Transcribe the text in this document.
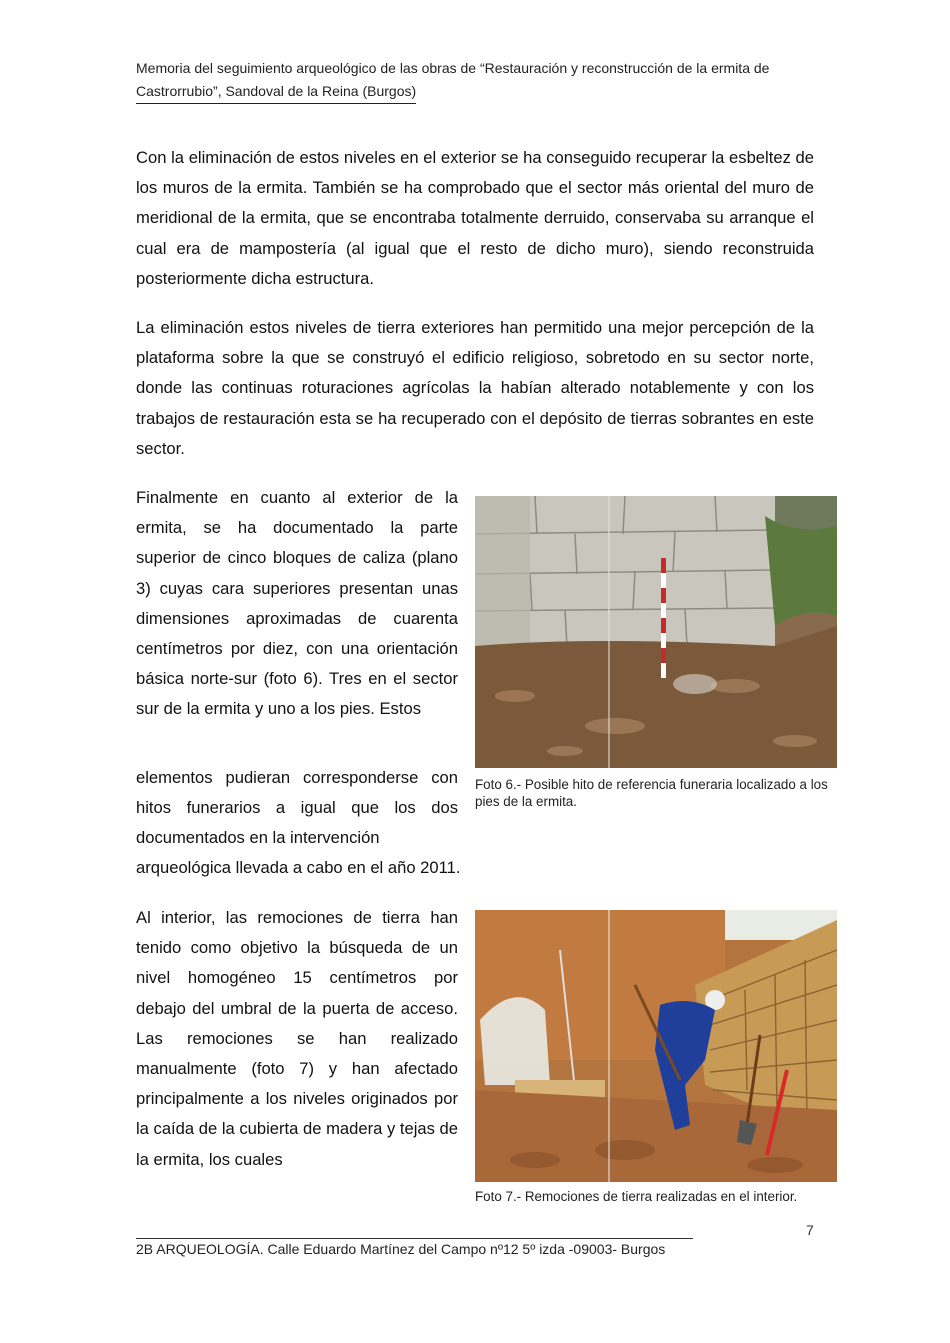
Memoria del seguimiento arqueológico de las obras de “Restauración y reconstrucción de la ermita de
Castrorrubio”, Sandoval de la Reina (Burgos)

Con la eliminación de estos niveles en el exterior se ha conseguido recuperar la esbeltez de los muros de la ermita. También se ha comprobado que el sector más oriental del muro de meridional de la ermita, que se encontraba totalmente derruido, conservaba su arranque el cual era de mampostería (al igual que el resto de dicho muro), siendo reconstruida posteriormente dicha estructura.

La eliminación estos niveles de tierra exteriores han permitido una mejor percepción de la plataforma sobre la que se construyó el edificio religioso, sobretodo en su sector norte, donde las continuas roturaciones agrícolas la habían alterado notablemente y con los trabajos de restauración esta se ha recuperado con el depósito de tierras sobrantes en este sector.

Finalmente en cuanto al exterior de la ermita, se ha documentado la parte superior de cinco bloques de caliza (plano 3) cuyas cara superiores presentan unas dimensiones aproximadas de cuarenta centímetros por diez, con una orientación básica norte-sur (foto 6). Tres en el sector sur de la ermita y uno a los pies. Estos

elementos pudieran corresponderse con hitos funerarios a igual que los dos documentados en la intervención

arqueológica llevada a cabo en el año 2011.

Al interior, las remociones de tierra han tenido como objetivo la búsqueda de un nivel homogéneo 15 centímetros por debajo del umbral de la puerta de acceso. Las remociones se han realizado manualmente (foto 7) y han afectado principalmente a los niveles originados por la caída de la cubierta de madera y tejas de la ermita, los cuales

Foto 6.- Posible hito de referencia funeraria localizado a los pies de la ermita.
Foto 7.- Remociones de tierra realizadas en el interior.
7
2B ARQUEOLOGÍA. Calle Eduardo Martínez del Campo nº12 5º izda -09003- Burgos
